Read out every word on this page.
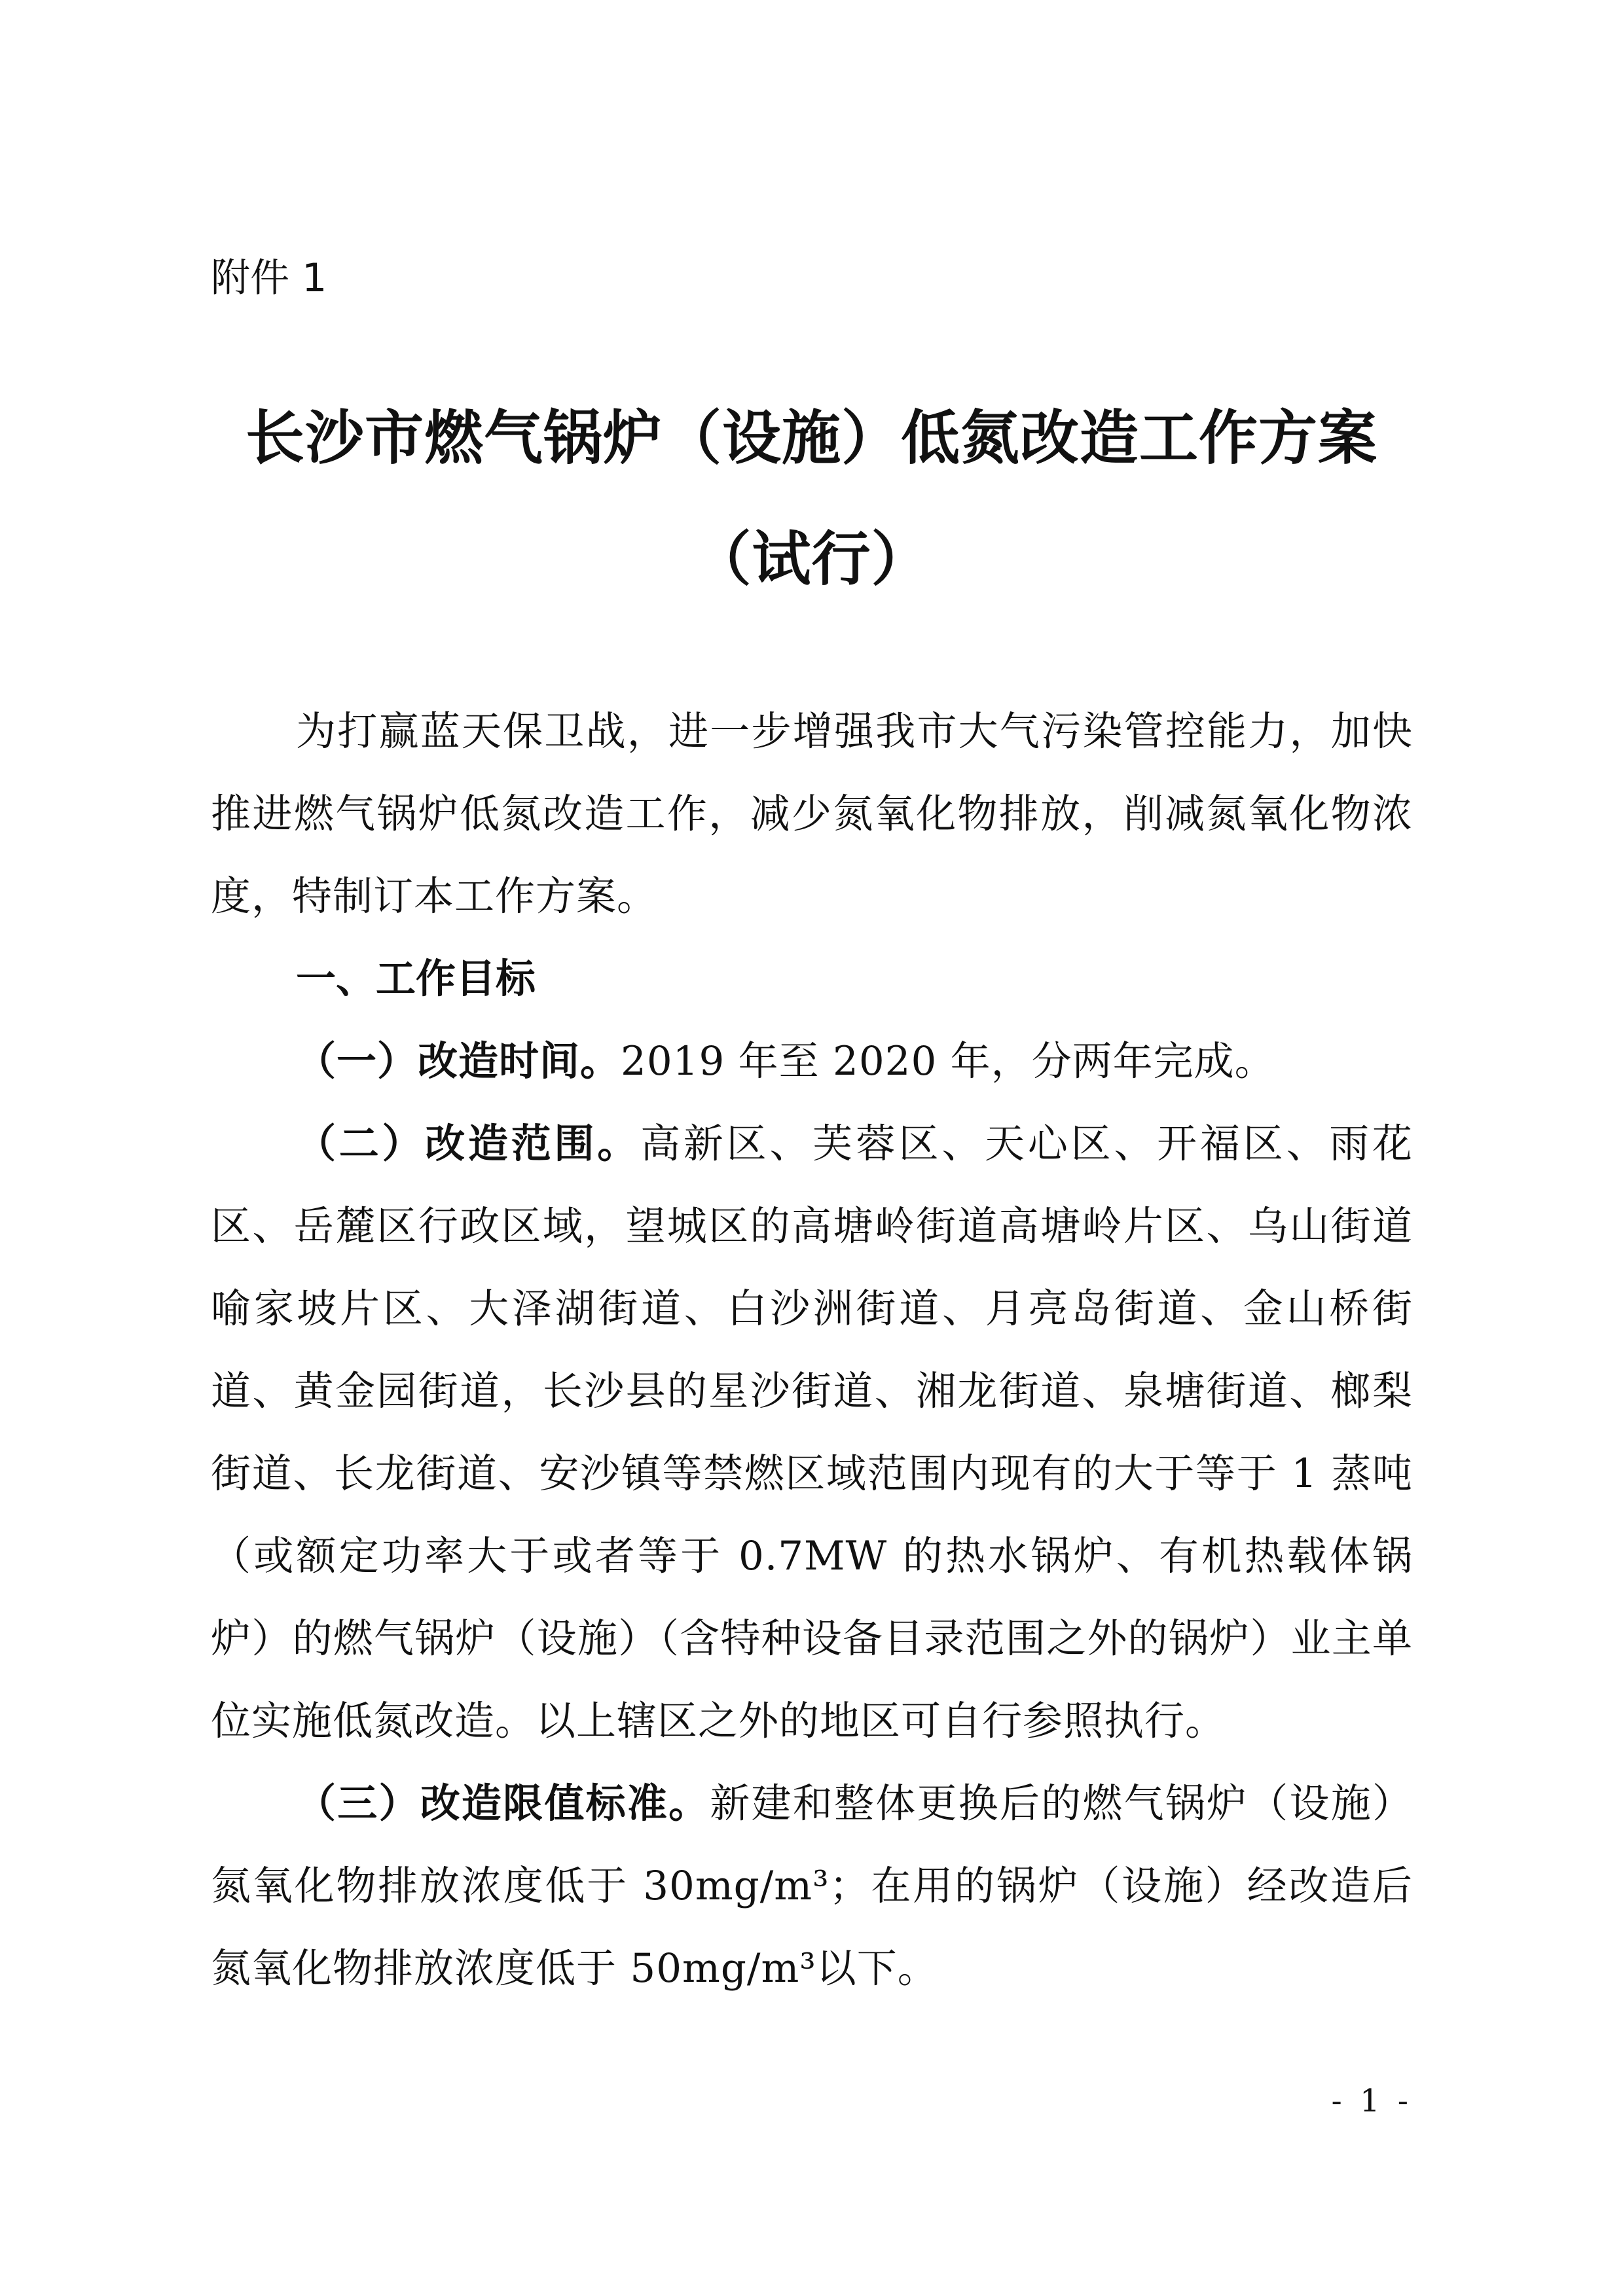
附件 1
长沙市燃气锅炉（设施）低氮改造工作方案
（试行）

为打赢蓝天保卫战，进一步增强我市大气污染管控能力，加快推进燃气锅炉低氮改造工作，减少氮氧化物排放，削减氮氧化物浓度，特制订本工作方案。

一、工作目标

（一）改造时间。2019 年至 2020 年，分两年完成。

（二）改造范围。高新区、芙蓉区、天心区、开福区、雨花区、岳麓区行政区域，望城区的高塘岭街道高塘岭片区、乌山街道喻家坡片区、大泽湖街道、白沙洲街道、月亮岛街道、金山桥街道、黄金园街道，长沙县的星沙街道、湘龙街道、泉塘街道、榔梨街道、长龙街道、安沙镇等禁燃区域范围内现有的大于等于 1 蒸吨（或额定功率大于或者等于 0.7MW 的热水锅炉、有机热载体锅炉）的燃气锅炉（设施）（含特种设备目录范围之外的锅炉）业主单位实施低氮改造。以上辖区之外的地区可自行参照执行。

（三）改造限值标准。新建和整体更换后的燃气锅炉（设施）氮氧化物排放浓度低于 30mg/m³；在用的锅炉（设施）经改造后氮氧化物排放浓度低于 50mg/m³以下。

- 1 -
